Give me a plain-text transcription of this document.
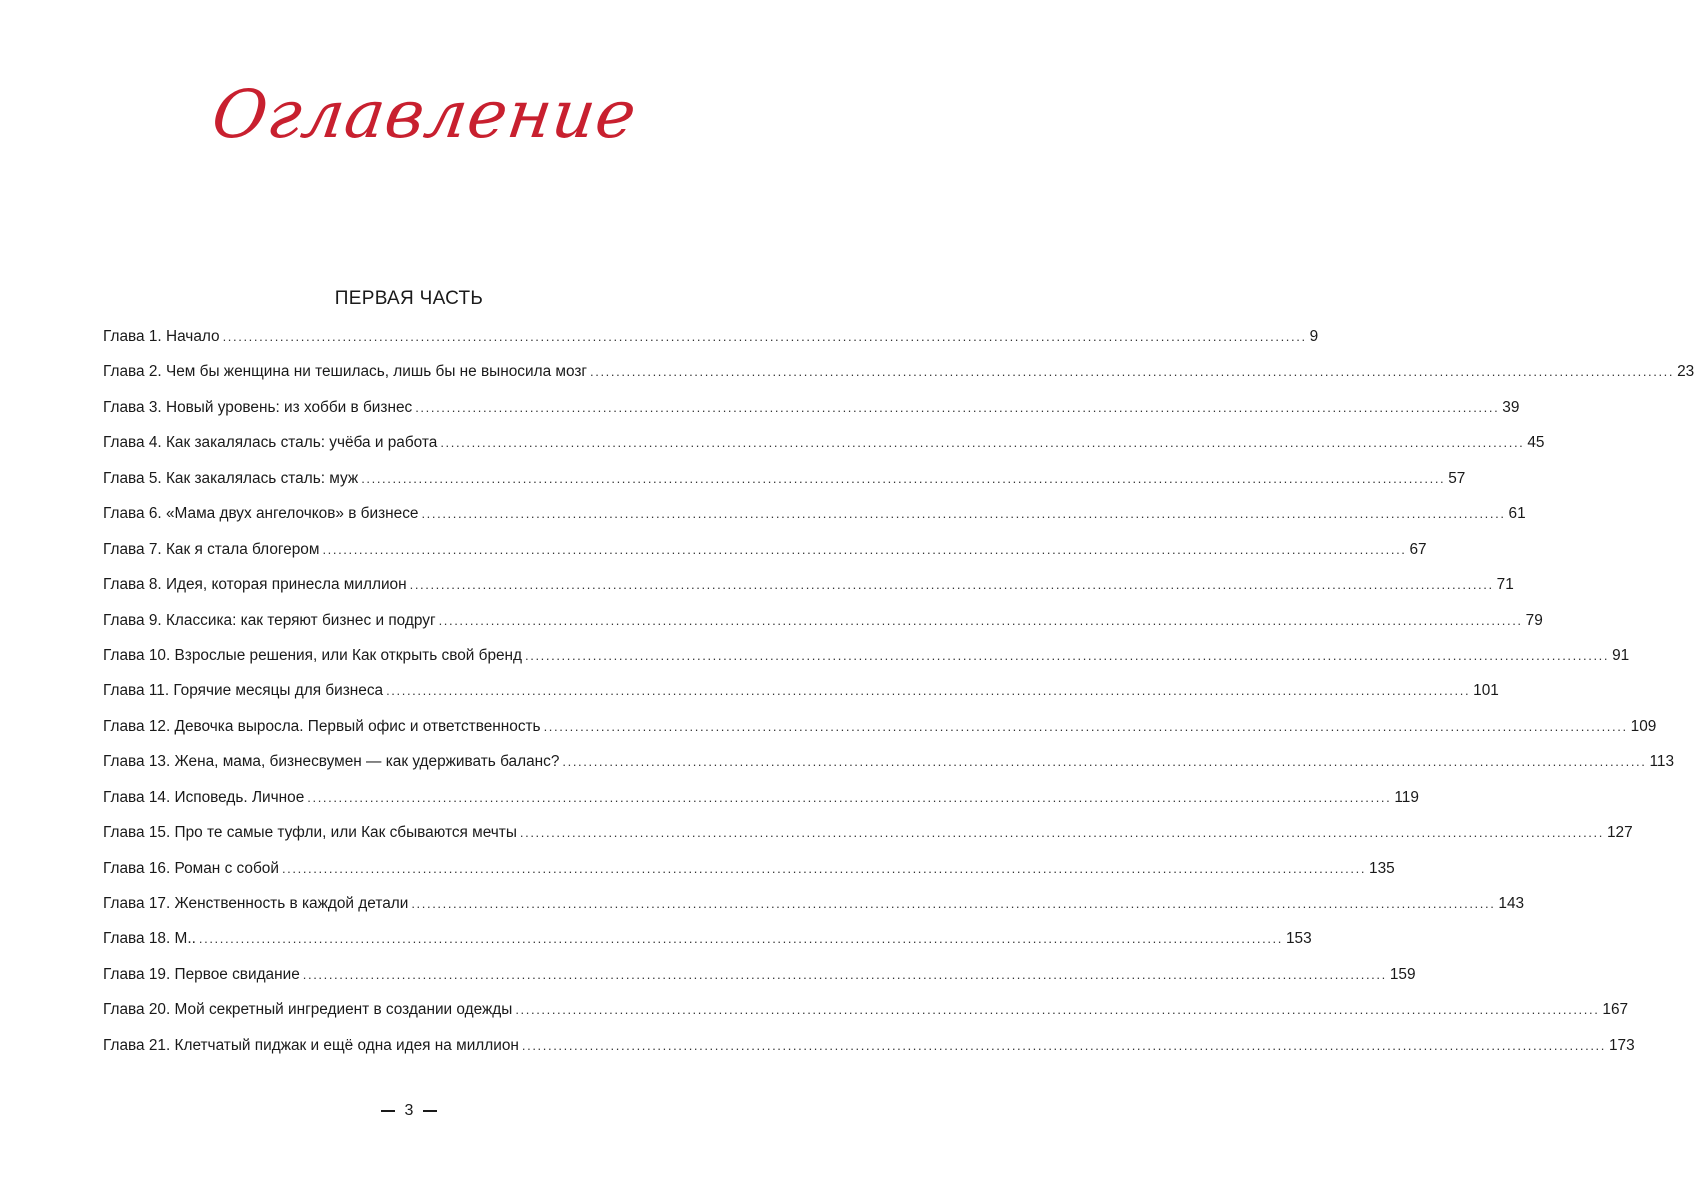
Оглавление
ПЕРВАЯ ЧАСТЬ
Глава 1. Начало .....	9
Глава 2. Чем бы женщина ни тешилась, лишь бы не выносила мозг .....	23
Глава 3. Новый уровень: из хобби в бизнес .....	39
Глава 4. Как закалялась сталь: учёба и работа .....	45
Глава 5. Как закалялась сталь: муж .....	57
Глава 6. «Мама двух ангелочков» в бизнесе .....	61
Глава 7. Как я стала блогером .....	67
Глава 8. Идея, которая принесла миллион .....	71
Глава 9. Классика: как теряют бизнес и подруг .....	79
Глава 10. Взрослые решения, или Как открыть свой бренд .....	91
Глава 11. Горячие месяцы для бизнеса .....	101
Глава 12. Девочка выросла. Первый офис и ответственность .....	109
Глава 13. Жена, мама, бизнесвумен — как удерживать баланс? .....	113
Глава 14. Исповедь. Личное .....	119
Глава 15. Про те самые туфли, или Как сбываются мечты .....	127
Глава 16. Роман с собой .....	135
Глава 17. Женственность в каждой детали .....	143
Глава 18. М.. .....	153
Глава 19. Первое свидание .....	159
Глава 20. Мой секретный ингредиент в создании одежды .....	167
Глава 21. Клетчатый пиджак и ещё одна идея на миллион .....	173
3
